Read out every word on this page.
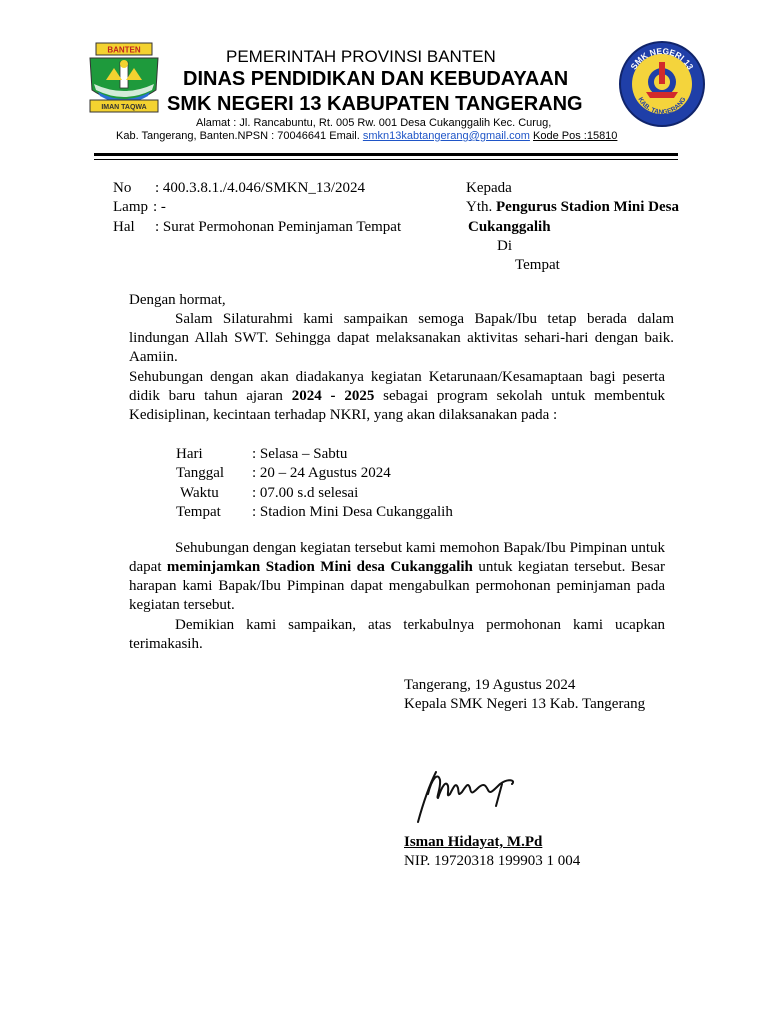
BANTEN
IMAN TAQWA
SMK NEGERI 13
KAB. TANGERANG
PEMERINTAH PROVINSI BANTEN
DINAS PENDIDIKAN DAN KEBUDAYAAN
SMK NEGERI 13 KABUPATEN TANGERANG
Alamat : Jl. Rancabuntu, Rt. 005 Rw. 001 Desa Cukanggalih Kec. Curug,
Kab. Tangerang, Banten.NPSN : 70046641 Email. smkn13kabtangerang@gmail.com Kode Pos :15810
No : 400.3.8.1./4.046/SMKN_13/2024
Lamp : -
Hal : Surat Permohonan Peminjaman Tempat
Kepada
Yth. Pengurus Stadion Mini Desa
Cukanggalih
Di
Tempat
Dengan hormat,
Salam Silaturahmi kami sampaikan semoga Bapak/Ibu tetap berada dalam lindungan Allah SWT. Sehingga dapat melaksanakan aktivitas sehari-hari dengan baik. Aamiin.
Sehubungan dengan akan diadakanya kegiatan Ketarunaan/Kesamaptaan bagi peserta didik baru tahun ajaran 2024 - 2025 sebagai program sekolah untuk membentuk Kedisiplinan, kecintaan terhadap NKRI, yang akan dilaksanakan pada :
Hari	: Selasa – Sabtu
Tanggal : 20 – 24 Agustus 2024
Waktu : 07.00 s.d selesai
Tempat : Stadion Mini Desa Cukanggalih
Sehubungan dengan kegiatan tersebut kami memohon Bapak/Ibu Pimpinan untuk dapat meminjamkan Stadion Mini desa Cukanggalih untuk kegiatan tersebut. Besar harapan kami Bapak/Ibu Pimpinan dapat mengabulkan permohonan peminjaman pada kegiatan tersebut.
Demikian kami sampaikan, atas terkabulnya permohonan kami ucapkan terimakasih.
Tangerang, 19 Agustus 2024
Kepala SMK Negeri 13 Kab. Tangerang
Isman Hidayat, M.Pd
NIP. 19720318 199903 1 004
